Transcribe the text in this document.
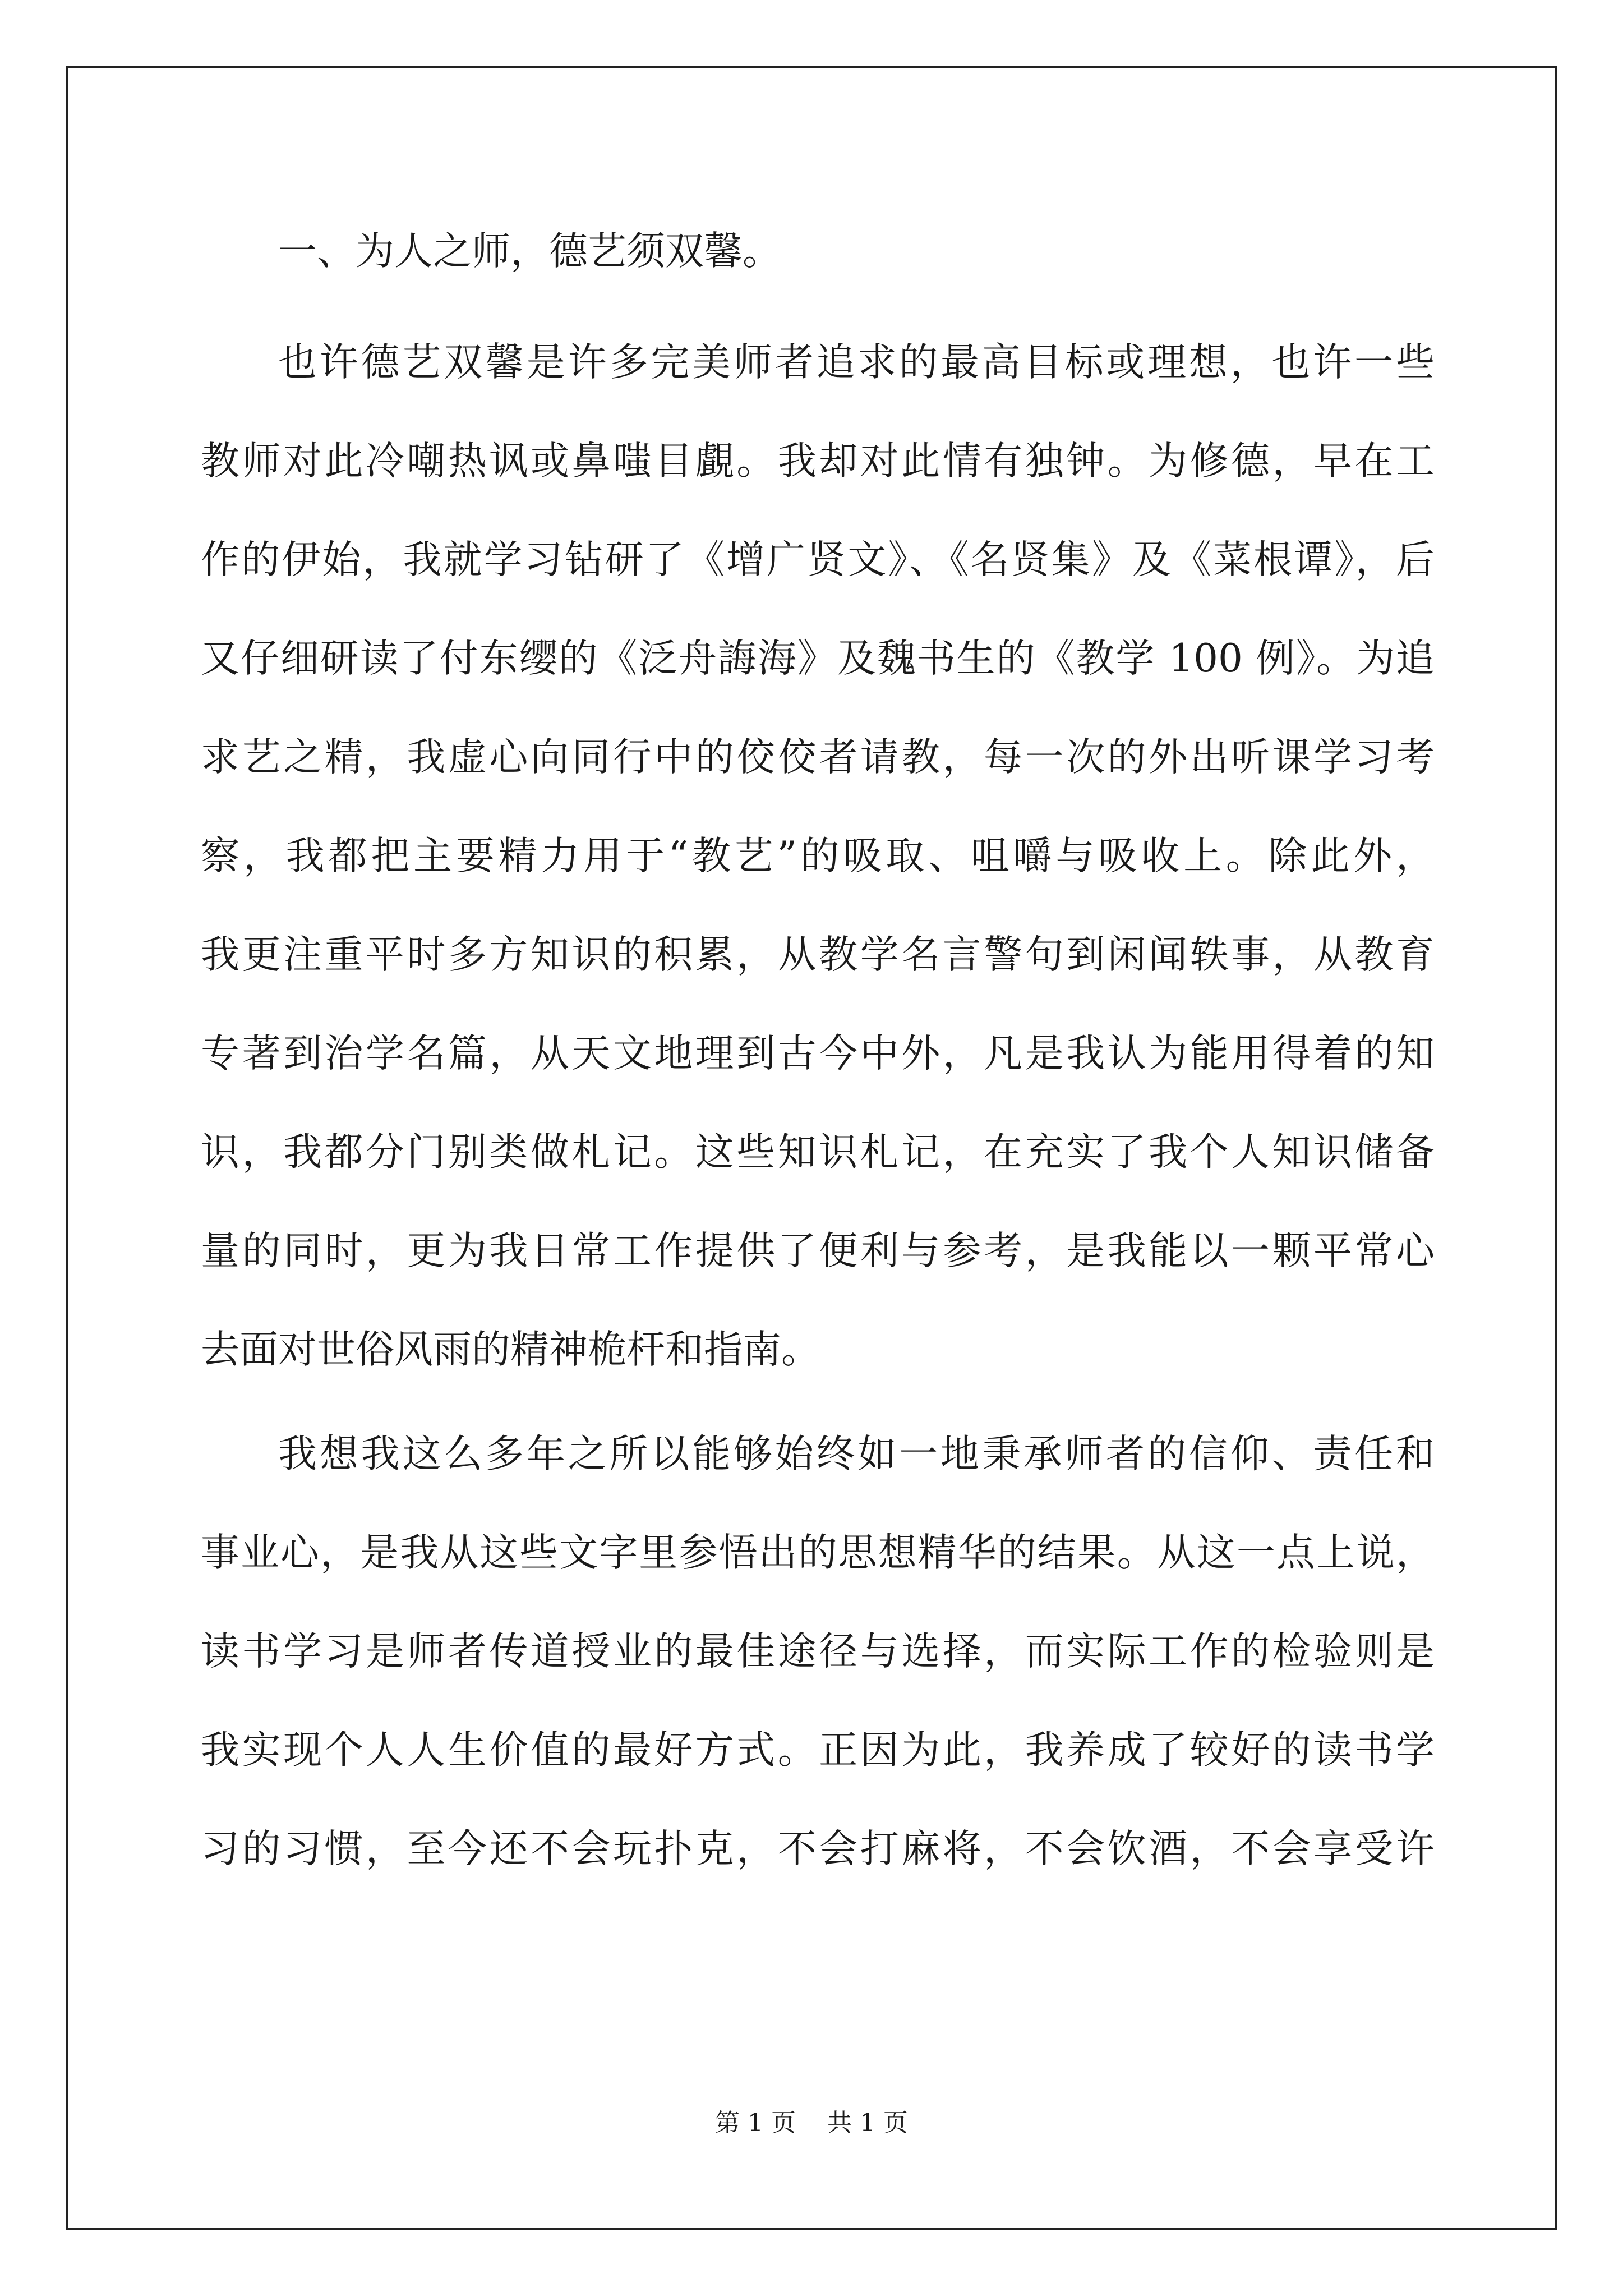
一、为人之师，德艺须双馨。
也许德艺双馨是许多完美师者追求的最高目标或理想，也许一些
教师对此冷嘲热讽或鼻嗤目覰。我却对此情有独钟。为修德，早在工
作的伊始，我就学习钻研了《增广贤文》、《名贤集》及《菜根谭》，后
又仔细研读了付东缨的《泛舟誨海》及魏书生的《教学 100 例》。为追
求艺之精，我虚心向同行中的佼佼者请教，每一次的外出听课学习考
察，我都把主要精力用于“教艺”的吸取、咀嚼与吸收上。除此外，
我更注重平时多方知识的积累，从教学名言警句到闲闻轶事，从教育
专著到治学名篇，从天文地理到古今中外，凡是我认为能用得着的知
识，我都分门别类做札记。这些知识札记，在充实了我个人知识储备
量的同时，更为我日常工作提供了便利与参考，是我能以一颗平常心
去面对世俗风雨的精神桅杆和指南。
我想我这么多年之所以能够始终如一地秉承师者的信仰、责任和
事业心，是我从这些文字里参悟出的思想精华的结果。从这一点上说，
读书学习是师者传道授业的最佳途径与选择，而实际工作的检验则是
我实现个人人生价值的最好方式。正因为此，我养成了较好的读书学
习的习惯，至今还不会玩扑克，不会打麻将，不会饮酒，不会享受许
第 1 页 共 1 页
